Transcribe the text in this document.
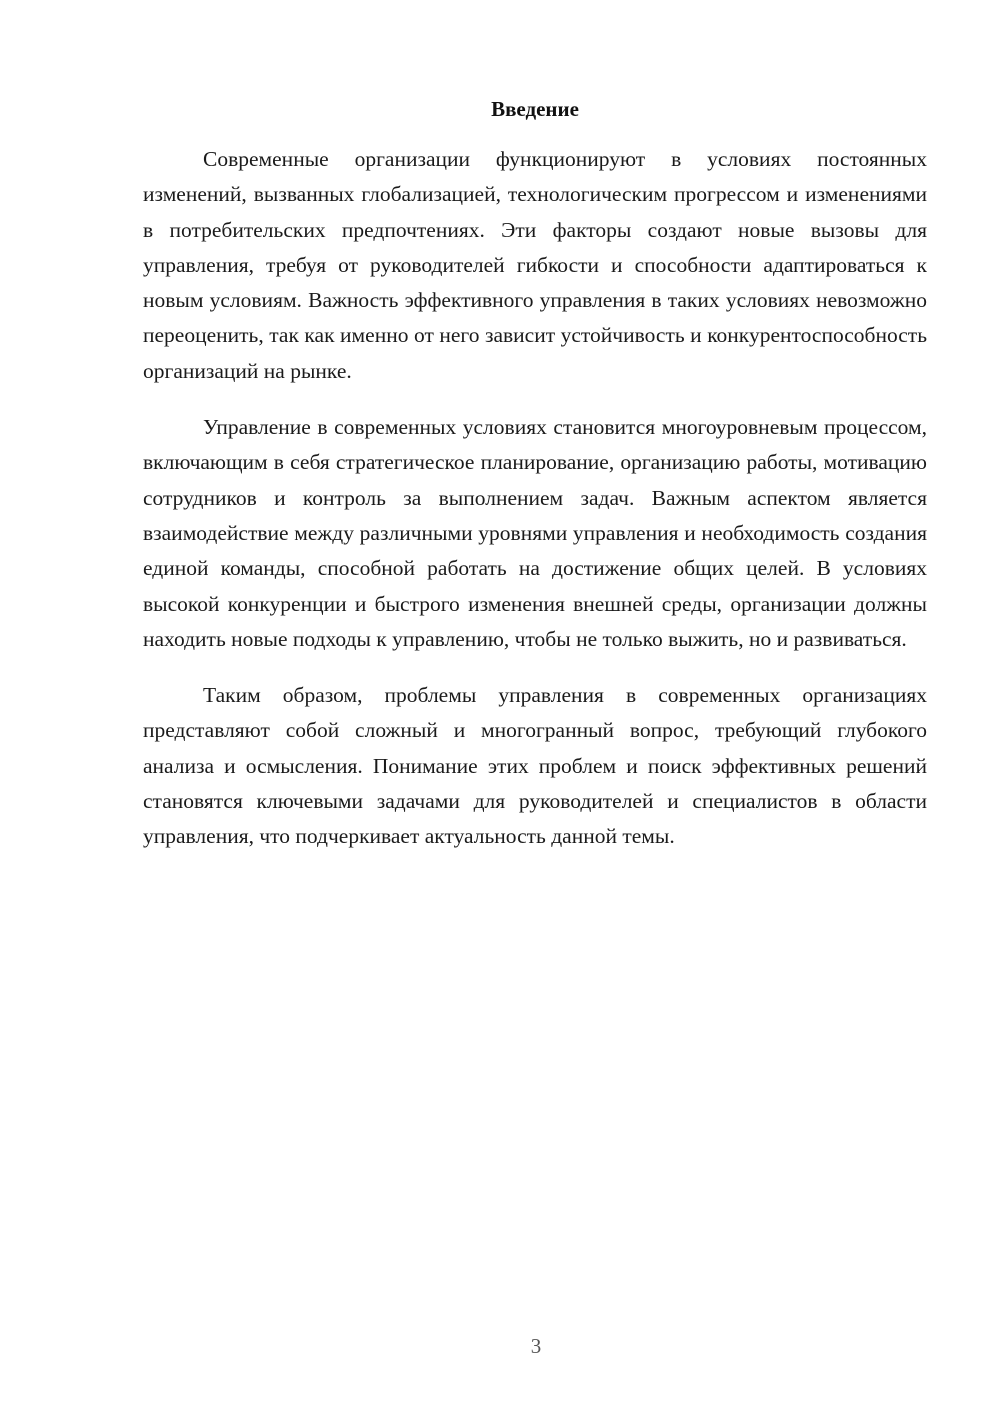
Введение

Современные организации функционируют в условиях постоянных изменений, вызванных глобализацией, технологическим прогрессом и изменениями в потребительских предпочтениях. Эти факторы создают новые вызовы для управления, требуя от руководителей гибкости и способности адаптироваться к новым условиям. Важность эффективного управления в таких условиях невозможно переоценить, так как именно от него зависит устойчивость и конкурентоспособность организаций на рынке.

Управление в современных условиях становится многоуровневым процессом, включающим в себя стратегическое планирование, организацию работы, мотивацию сотрудников и контроль за выполнением задач. Важным аспектом является взаимодействие между различными уровнями управления и необходимость создания единой команды, способной работать на достижение общих целей. В условиях высокой конкуренции и быстрого изменения внешней среды, организации должны находить новые подходы к управлению, чтобы не только выжить, но и развиваться.

Таким образом, проблемы управления в современных организациях представляют собой сложный и многогранный вопрос, требующий глубокого анализа и осмысления. Понимание этих проблем и поиск эффективных решений становятся ключевыми задачами для руководителей и специалистов в области управления, что подчеркивает актуальность данной темы.

3
